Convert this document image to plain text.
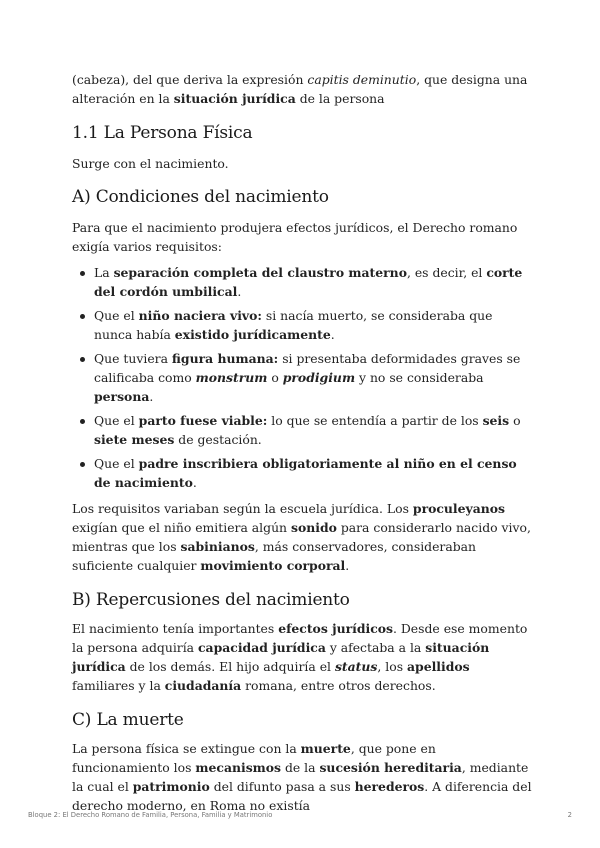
(cabeza), del que deriva la expresión capitis deminutio, que designa una alteración en la situación jurídica de la persona

1.1 La Persona Física

Surge con el nacimiento.

A) Condiciones del nacimiento

Para que el nacimiento produjera efectos jurídicos, el Derecho romano exigía varios requisitos:

La separación completa del claustro materno, es decir, el corte del cordón umbilical.
Que el niño naciera vivo: si nacía muerto, se consideraba que nunca había existido jurídicamente.
Que tuviera figura humana: si presentaba deformidades graves se calificaba como monstrum o prodigium y no se consideraba persona.
Que el parto fuese viable: lo que se entendía a partir de los seis o siete meses de gestación.
Que el padre inscribiera obligatoriamente al niño en el censo de nacimiento.

Los requisitos variaban según la escuela jurídica. Los proculeyanos exigían que el niño emitiera algún sonido para considerarlo nacido vivo, mientras que los sabinianos, más conservadores, consideraban suficiente cualquier movimiento corporal.

B) Repercusiones del nacimiento

El nacimiento tenía importantes efectos jurídicos. Desde ese momento la persona adquiría capacidad jurídica y afectaba a la situación jurídica de los demás. El hijo adquiría el status, los apellidos familiares y la ciudadanía romana, entre otros derechos.

C) La muerte

La persona física se extingue con la muerte, que pone en funcionamiento los mecanismos de la sucesión hereditaria, mediante la cual el patrimonio del difunto pasa a sus herederos. A diferencia del derecho moderno, en Roma no existía

Bloque 2: El Derecho Romano de Familia, Persona, Familia y Matrimonio	2
